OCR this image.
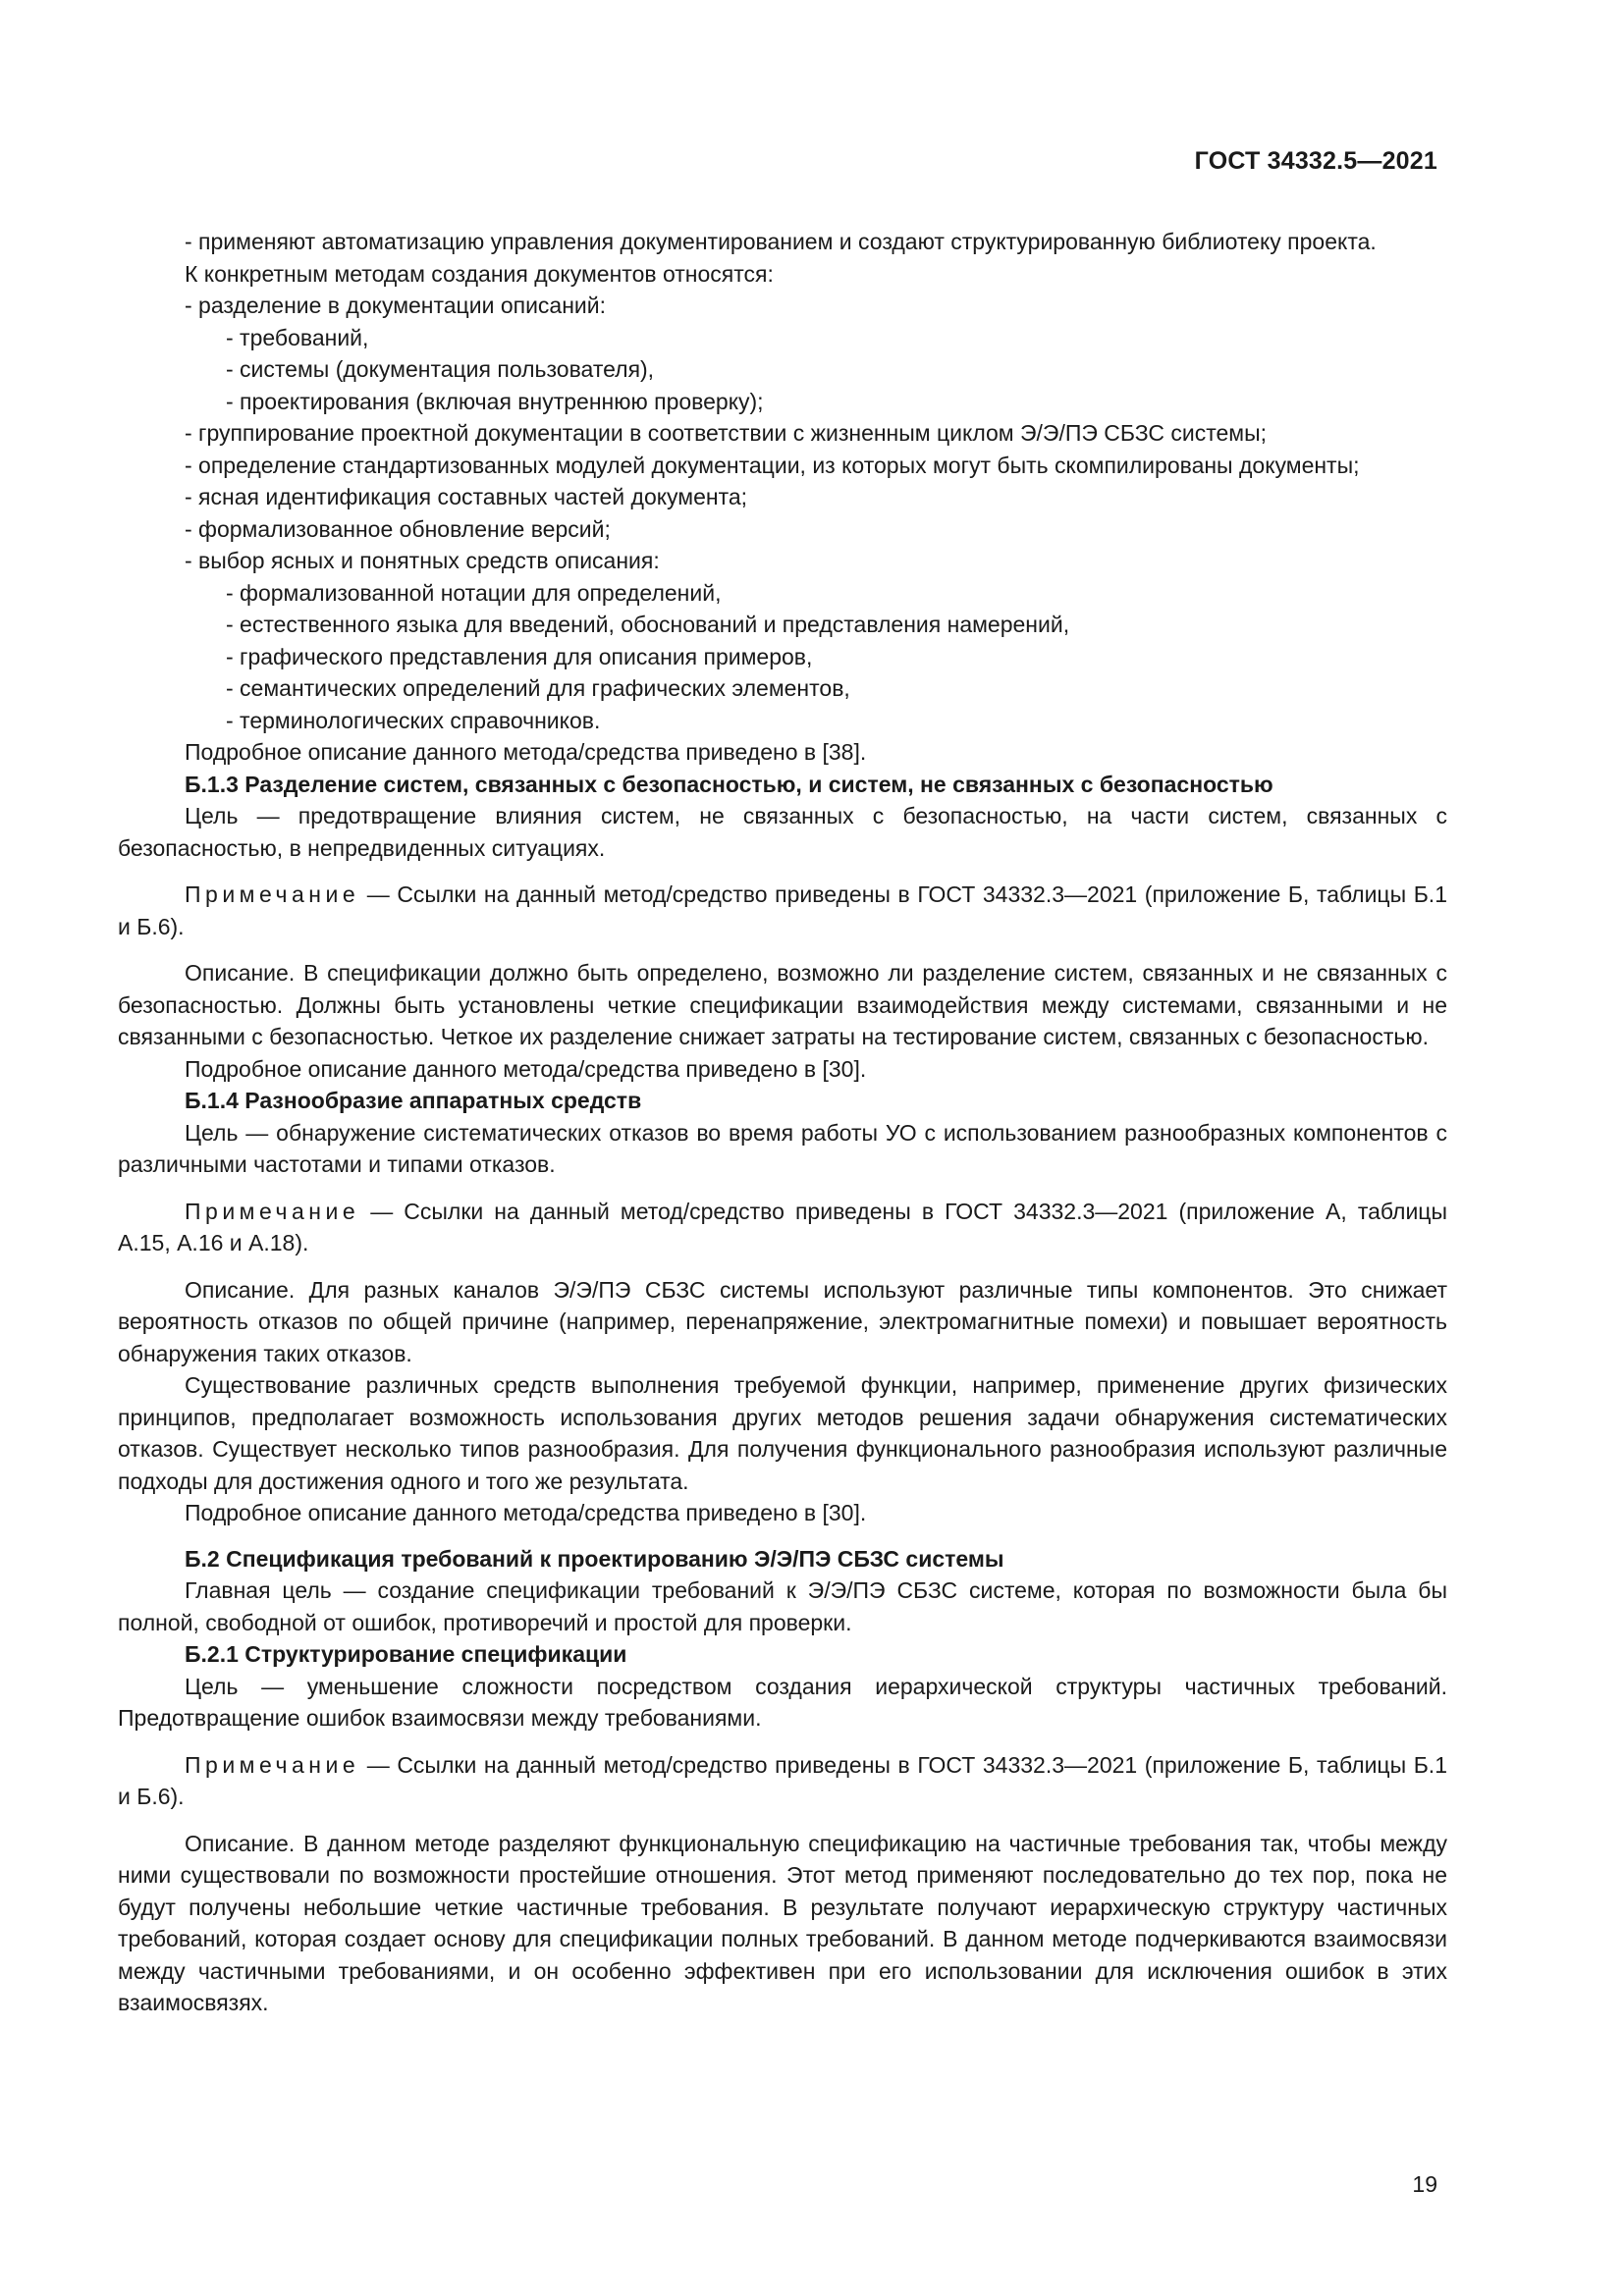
ГОСТ 34332.5—2021

- применяют автоматизацию управления документированием и создают структурированную библиотеку проекта.

К конкретным методам создания документов относятся:

- разделение в документации описаний:

- требований,

- системы (документация пользователя),

- проектирования (включая внутреннюю проверку);

- группирование проектной документации в соответствии с жизненным циклом Э/Э/ПЭ СБЗС системы;

- определение стандартизованных модулей документации, из которых могут быть скомпилированы документы;

- ясная идентификация составных частей документа;

- формализованное обновление версий;

- выбор ясных и понятных средств описания:

- формализованной нотации для определений,

- естественного языка для введений, обоснований и представления намерений,

- графического представления для описания примеров,

- семантических определений для графических элементов,

- терминологических справочников.

Подробное описание данного метода/средства приведено в [38].

Б.1.3 Разделение систем, связанных с безопасностью, и систем, не связанных с безопасностью

Цель — предотвращение влияния систем, не связанных с безопасностью, на части систем, связанных с безопасностью, в непредвиденных ситуациях.

Примечание — Ссылки на данный метод/средство приведены в ГОСТ 34332.3—2021 (приложение Б, таблицы Б.1 и Б.6).

Описание. В спецификации должно быть определено, возможно ли разделение систем, связанных и не связанных с безопасностью. Должны быть установлены четкие спецификации взаимодействия между системами, связанными и не связанными с безопасностью. Четкое их разделение снижает затраты на тестирование систем, связанных с безопасностью.

Подробное описание данного метода/средства приведено в [30].

Б.1.4 Разнообразие аппаратных средств

Цель — обнаружение систематических отказов во время работы УО с использованием разнообразных компонентов с различными частотами и типами отказов.

Примечание — Ссылки на данный метод/средство приведены в ГОСТ 34332.3—2021 (приложение А, таблицы А.15, А.16 и А.18).

Описание. Для разных каналов Э/Э/ПЭ СБЗС системы используют различные типы компонентов. Это снижает вероятность отказов по общей причине (например, перенапряжение, электромагнитные помехи) и повышает вероятность обнаружения таких отказов.

Существование различных средств выполнения требуемой функции, например, применение других физических принципов, предполагает возможность использования других методов решения задачи обнаружения систематических отказов. Существует несколько типов разнообразия. Для получения функционального разнообразия используют различные подходы для достижения одного и того же результата.

Подробное описание данного метода/средства приведено в [30].

Б.2 Спецификация требований к проектированию Э/Э/ПЭ СБЗС системы

Главная цель — создание спецификации требований к Э/Э/ПЭ СБЗС системе, которая по возможности была бы полной, свободной от ошибок, противоречий и простой для проверки.

Б.2.1 Структурирование спецификации

Цель — уменьшение сложности посредством создания иерархической структуры частичных требований. Предотвращение ошибок взаимосвязи между требованиями.

Примечание — Ссылки на данный метод/средство приведены в ГОСТ 34332.3—2021 (приложение Б, таблицы Б.1 и Б.6).

Описание. В данном методе разделяют функциональную спецификацию на частичные требования так, чтобы между ними существовали по возможности простейшие отношения. Этот метод применяют последовательно до тех пор, пока не будут получены небольшие четкие частичные требования. В результате получают иерархическую структуру частичных требований, которая создает основу для спецификации полных требований. В данном методе подчеркиваются взаимосвязи между частичными требованиями, и он особенно эффективен при его использовании для исключения ошибок в этих взаимосвязях.

19
